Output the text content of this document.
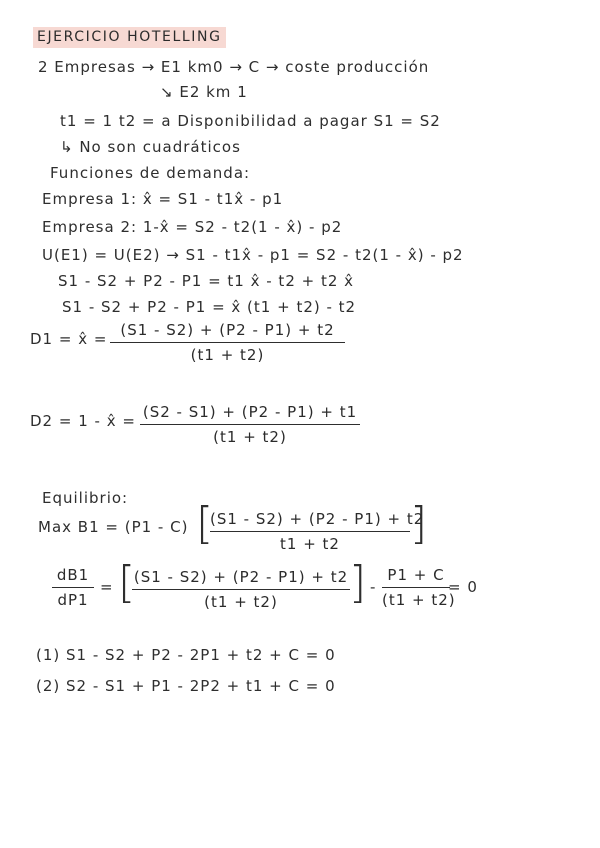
EJERCICIO HOTELLING
2 Empresas → E1 km0 → C → coste producción
↘ E2 km 1
t1 = 1 t2 = a Disponibilidad a pagar S1 = S2
↳ No son cuadráticos
Funciones de demanda:
Empresa 1: x̂ = S1 - t1x̂ - p1
Empresa 2: 1-x̂ = S2 - t2(1 - x̂) - p2
U(E1) = U(E2) → S1 - t1x̂ - p1 = S2 - t2(1 - x̂) - p2
S1 - S2 + P2 - P1 = t1 x̂ - t2 + t2 x̂
S1 - S2 + P2 - P1 = x̂ (t1 + t2) - t2
D1 = x̂ = (S1 - S2) + (P2 - P1) + t2
(t1 + t2)
D2 = 1 - x̂ = (S2 - S1) + (P2 - P1) + t1
(t1 + t2)
Equilibrio:
Max B1 = (P1 - C) [
(S1 - S2) + (P2 - P1) + t2
t1 + t2	]
dB1
dP1
= [
(S1 - S2) + (P2 - P1) + t2
(t1 + t2)	] -
P1 + C
(t1 + t2)
= 0
(1) S1 - S2 + P2 - 2P1 + t2 + C = 0
(2) S2 - S1 + P1 - 2P2 + t1 + C = 0
